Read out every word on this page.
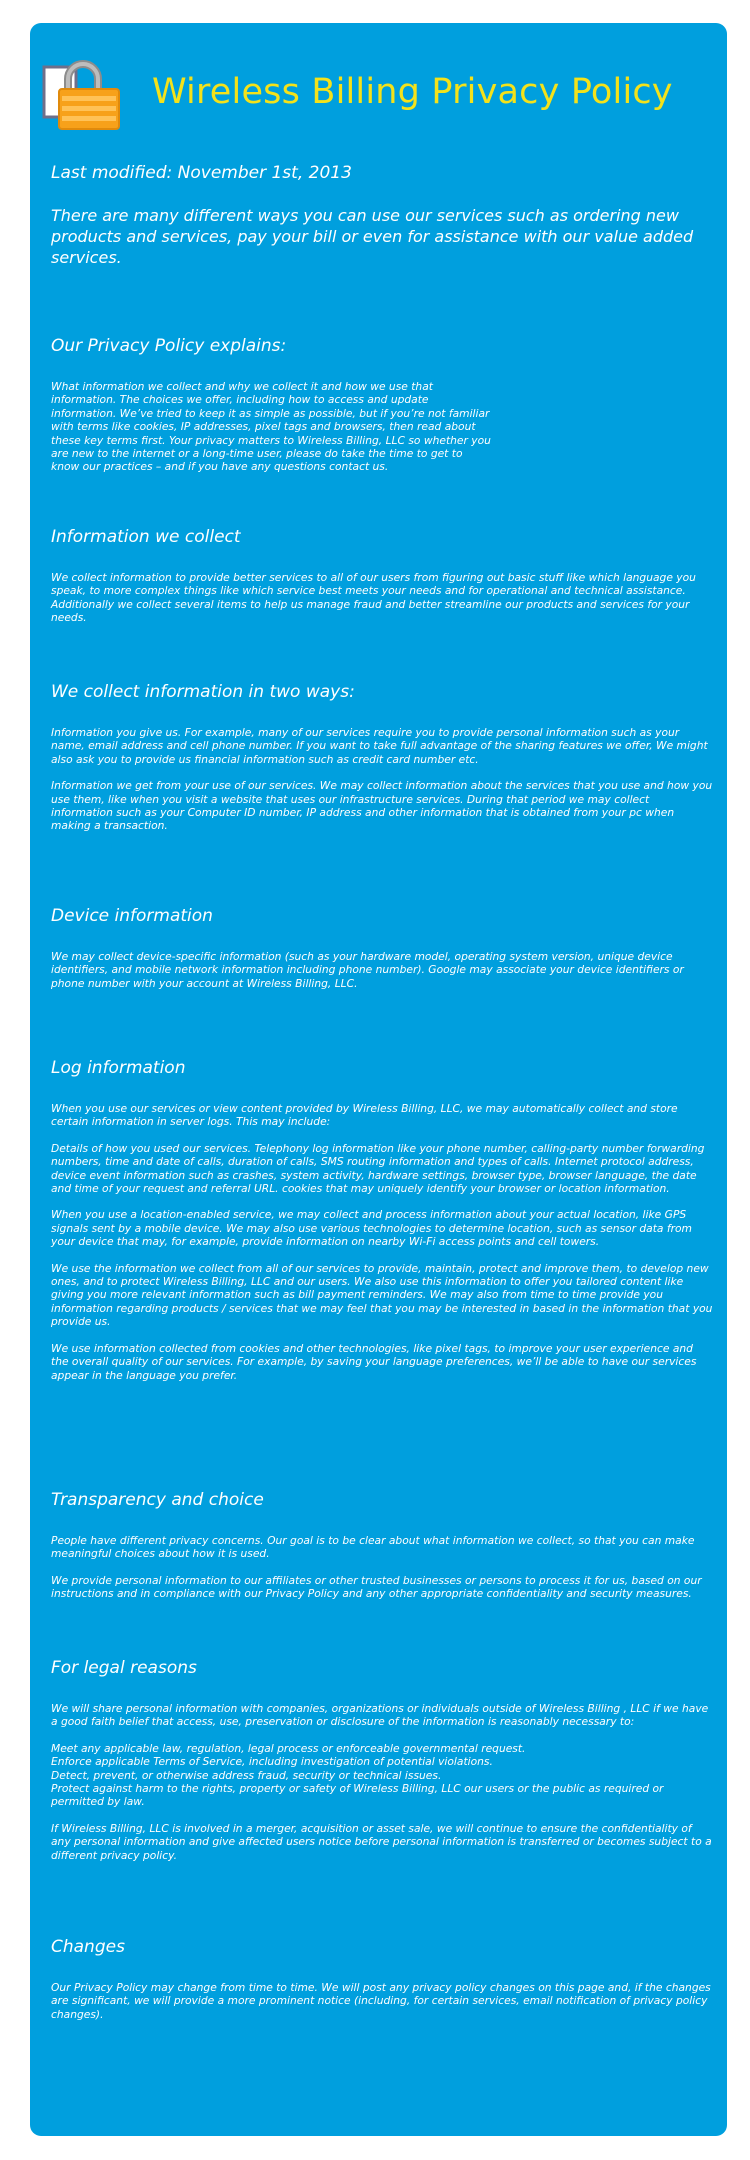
Wireless Billing Privacy Policy
Last modified: November 1st, 2013
There are many different ways you can use our services such as ordering new products and services, pay your bill or even for assistance with our value added services.
Our Privacy Policy explains:
What information we collect and why we collect it and how we use that information. The choices we offer, including how to access and update information. We’ve tried to keep it as simple as possible, but if you’re not familiar with terms like cookies, IP addresses, pixel tags and browsers, then read about these key terms first. Your privacy matters to Wireless Billing, LLC so whether you are new to the internet or a long-time user, please do take the time to get to know our practices – and if you have any questions contact us.
Information we collect
We collect information to provide better services to all of our users from figuring out basic stuff like which language you speak, to more complex things like which service best meets your needs and for operational and technical assistance. Additionally we collect several items to help us manage fraud and better streamline our products and services for your needs.
We collect information in two ways:
Information you give us. For example, many of our services require you to provide personal information such as your name, email address and cell phone number. If you want to take full advantage of the sharing features we offer, We might also ask you to provide us financial information such as credit card number etc.
Information we get from your use of our services. We may collect information about the services that you use and how you use them, like when you visit a website that uses our infrastructure services. During that period we may collect information such as your Computer ID number, IP address and other information that is obtained from your pc when making a transaction.
Device information
We may collect device-specific information (such as your hardware model, operating system version, unique device identifiers, and mobile network information including phone number). Google may associate your device identifiers or phone number with your account at Wireless Billing, LLC.
Log information
When you use our services or view content provided by Wireless Billing, LLC, we may automatically collect and store certain information in server logs. This may include:
Details of how you used our services. Telephony log information like your phone number, calling-party number forwarding numbers, time and date of calls, duration of calls, SMS routing information and types of calls. Internet protocol address, device event information such as crashes, system activity, hardware settings, browser type, browser language, the date and time of your request and referral URL. cookies that may uniquely identify your browser or location information.
When you use a location-enabled service, we may collect and process information about your actual location, like GPS signals sent by a mobile device. We may also use various technologies to determine location, such as sensor data from your device that may, for example, provide information on nearby Wi-Fi access points and cell towers.
We use the information we collect from all of our services to provide, maintain, protect and improve them, to develop new ones, and to protect Wireless Billing, LLC and our users. We also use this information to offer you tailored content like giving you more relevant information such as bill payment reminders. We may also from time to time provide you information regarding products / services that we may feel that you may be interested in based in the information that you provide us.
We use information collected from cookies and other technologies, like pixel tags, to improve your user experience and the overall quality of our services. For example, by saving your language preferences, we’ll be able to have our services appear in the language you prefer.
Transparency and choice
People have different privacy concerns. Our goal is to be clear about what information we collect, so that you can make meaningful choices about how it is used.
We provide personal information to our affiliates or other trusted businesses or persons to process it for us, based on our instructions and in compliance with our Privacy Policy and any other appropriate confidentiality and security measures.
For legal reasons
We will share personal information with companies, organizations or individuals outside of Wireless Billing , LLC if we have a good faith belief that access, use, preservation or disclosure of the information is reasonably necessary to:
Meet any applicable law, regulation, legal process or enforceable governmental request.
Enforce applicable Terms of Service, including investigation of potential violations.
Detect, prevent, or otherwise address fraud, security or technical issues.
Protect against harm to the rights, property or safety of Wireless Billing, LLC our users or the public as required or permitted by law.
If Wireless Billing, LLC is involved in a merger, acquisition or asset sale, we will continue to ensure the confidentiality of any personal information and give affected users notice before personal information is transferred or becomes subject to a different privacy policy.
Changes
Our Privacy Policy may change from time to time. We will post any privacy policy changes on this page and, if the changes are significant, we will provide a more prominent notice (including, for certain services, email notification of privacy policy changes).
